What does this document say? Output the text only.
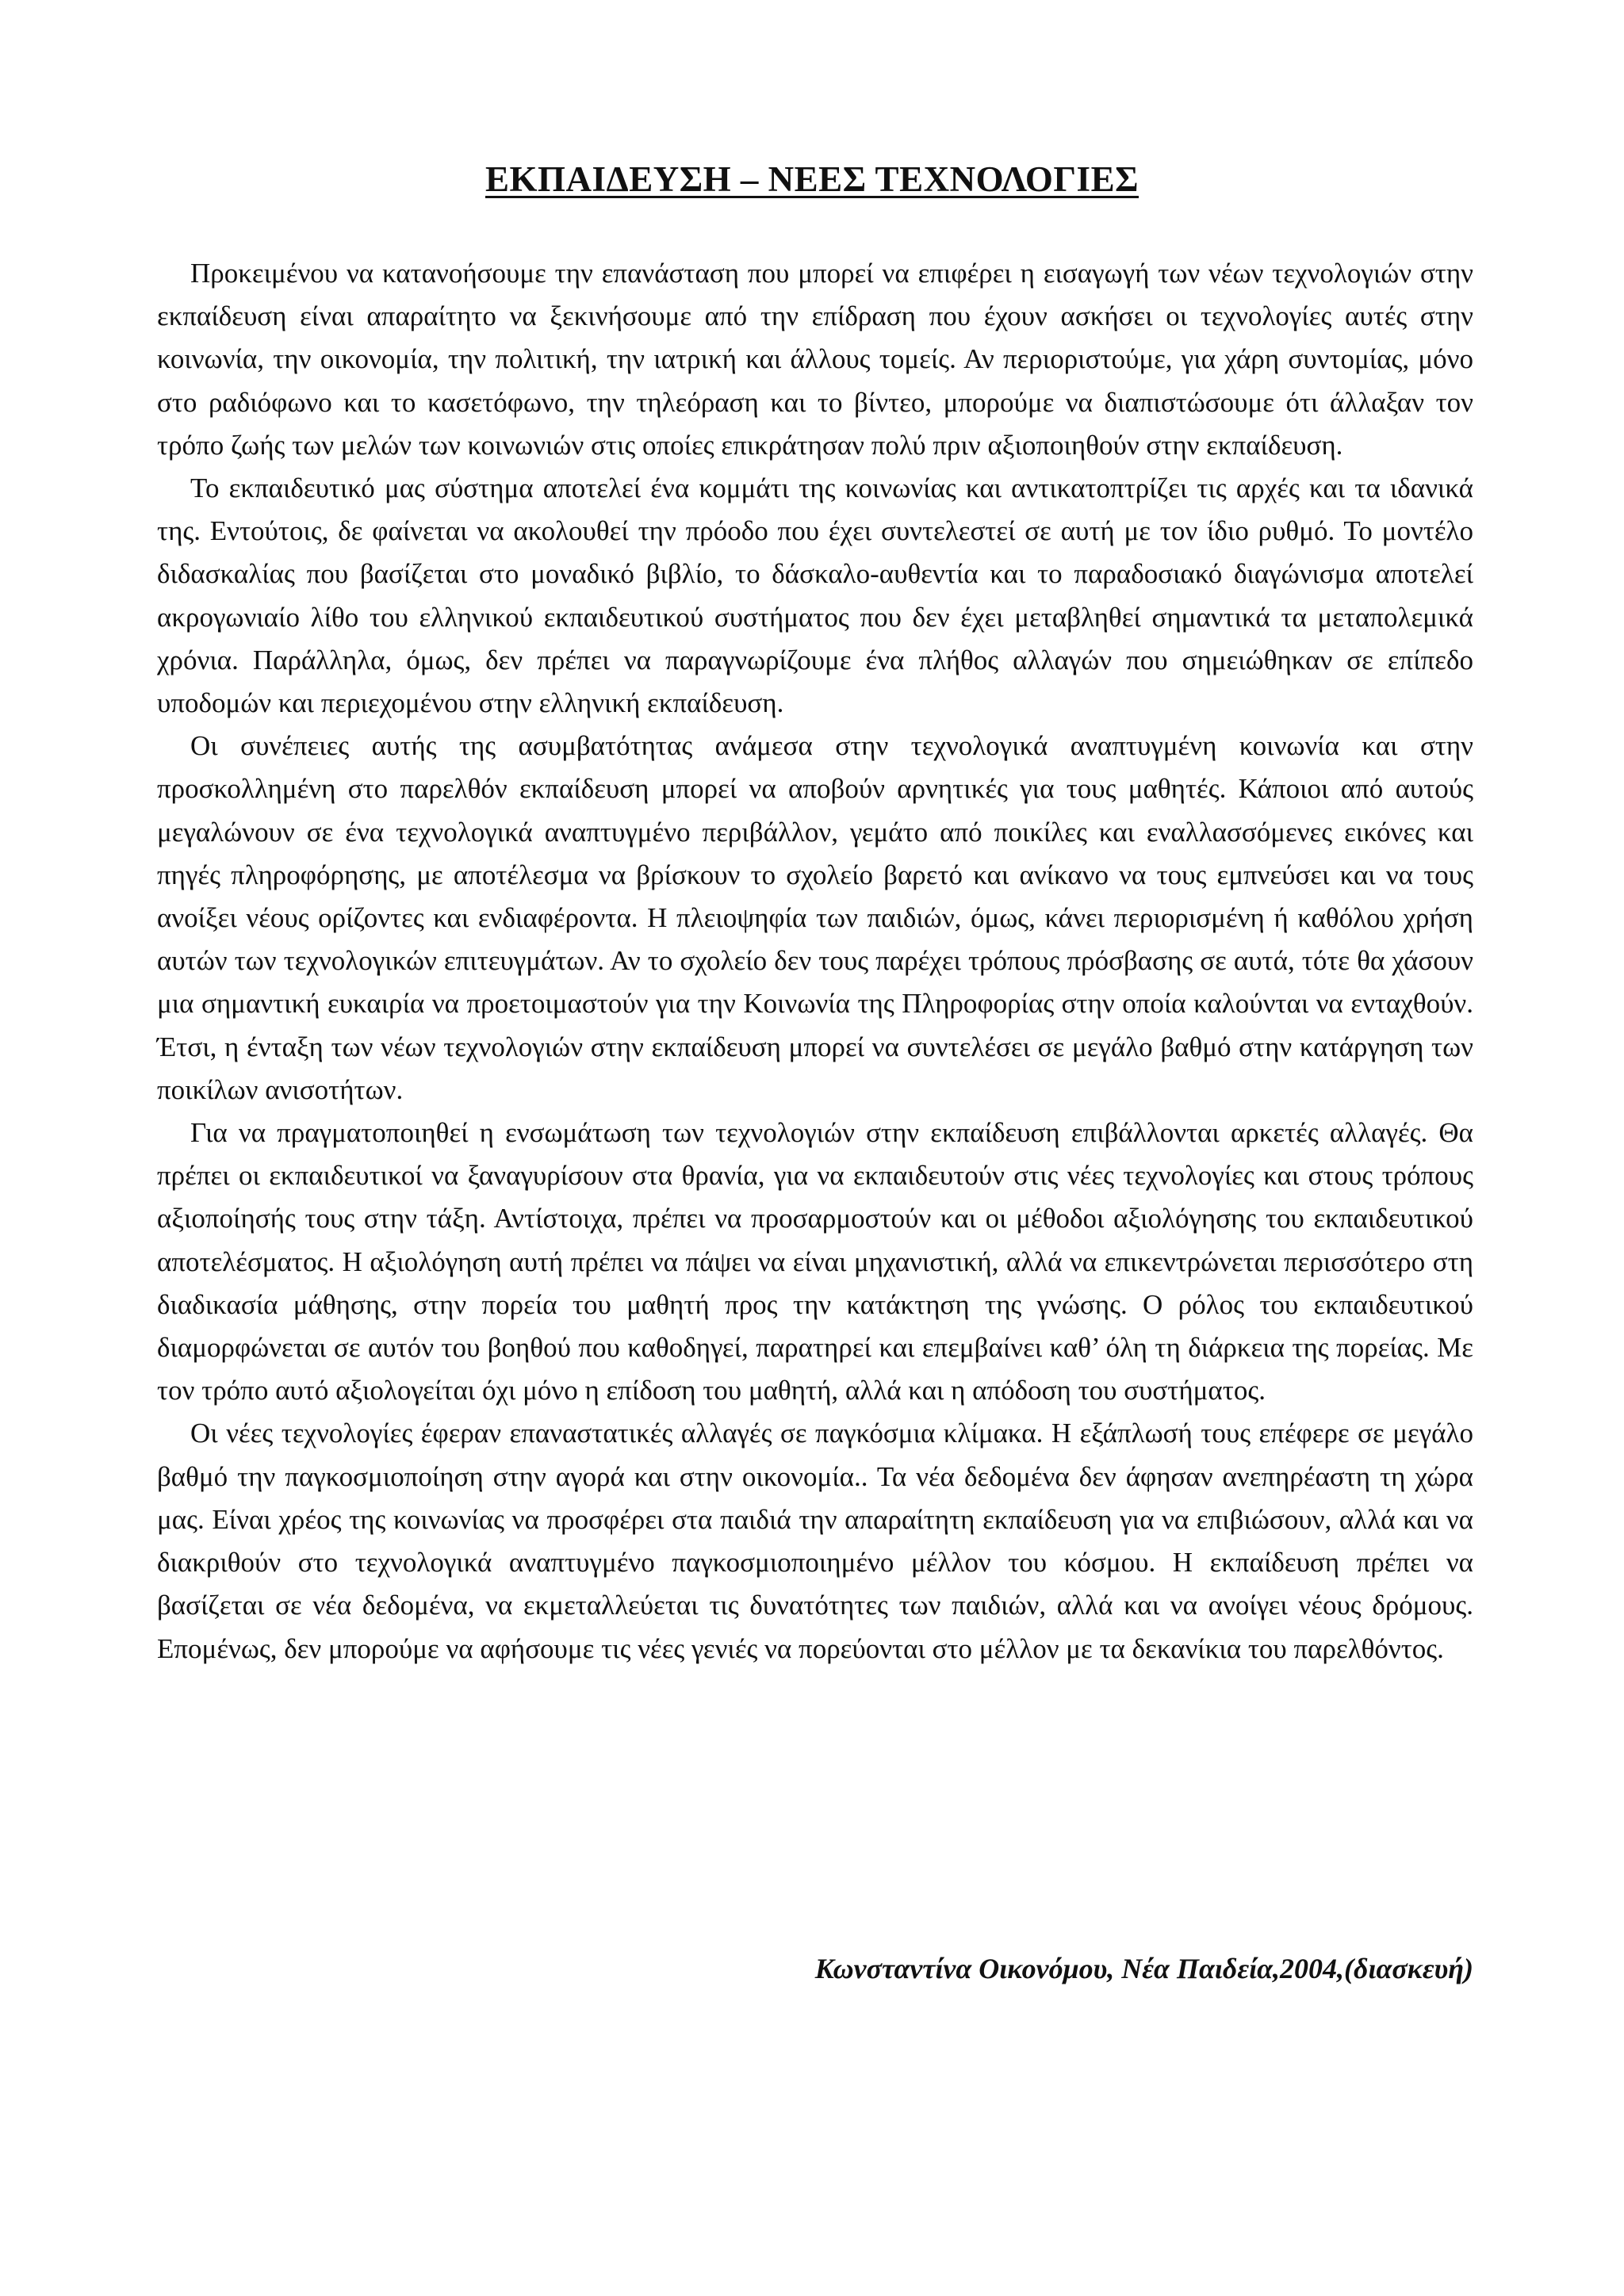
ΕΚΠΑΙΔΕΥΣΗ – ΝΕΕΣ ΤΕΧΝΟΛΟΓΙΕΣ

Προκειμένου να κατανοήσουμε την επανάσταση που μπορεί να επιφέρει η εισαγωγή των νέων τεχνολογιών στην εκπαίδευση είναι απαραίτητο να ξεκινήσουμε από την επίδραση που έχουν ασκήσει οι τεχνολογίες αυτές στην κοινωνία, την οικονομία, την πολιτική, την ιατρική και άλλους τομείς. Αν περιοριστούμε, για χάρη συντομίας, μόνο στο ραδιόφωνο και το κασετόφωνο, την τηλεόραση και το βίντεο, μπορούμε να διαπιστώσουμε ότι άλλαξαν τον τρόπο ζωής των μελών των κοινωνιών στις οποίες επικράτησαν πολύ πριν αξιοποιηθούν στην εκπαίδευση.

Το εκπαιδευτικό μας σύστημα αποτελεί ένα κομμάτι της κοινωνίας και αντικατοπτρίζει τις αρχές και τα ιδανικά της. Εντούτοις, δε φαίνεται να ακολουθεί την πρόοδο που έχει συντελεστεί σε αυτή με τον ίδιο ρυθμό. Το μοντέλο διδασκαλίας που βασίζεται στο μοναδικό βιβλίο, το δάσκαλο-αυθεντία και το παραδοσιακό διαγώνισμα αποτελεί ακρογωνιαίο λίθο του ελληνικού εκπαιδευτικού συστήματος που δεν έχει μεταβληθεί σημαντικά τα μεταπολεμικά χρόνια. Παράλληλα, όμως, δεν πρέπει να παραγνωρίζουμε ένα πλήθος αλλαγών που σημειώθηκαν σε επίπεδο υποδομών και περιεχομένου στην ελληνική εκπαίδευση.

Οι συνέπειες αυτής της ασυμβατότητας ανάμεσα στην τεχνολογικά αναπτυγμένη κοινωνία και στην προσκολλημένη στο παρελθόν εκπαίδευση μπορεί να αποβούν αρνητικές για τους μαθητές. Κάποιοι από αυτούς μεγαλώνουν σε ένα τεχνολογικά αναπτυγμένο περιβάλλον, γεμάτο από ποικίλες και εναλλασσόμενες εικόνες και πηγές πληροφόρησης, με αποτέλεσμα να βρίσκουν το σχολείο βαρετό και ανίκανο να τους εμπνεύσει και να τους ανοίξει νέους ορίζοντες και ενδιαφέροντα. Η πλειοψηφία των παιδιών, όμως, κάνει περιορισμένη ή καθόλου χρήση αυτών των τεχνολογικών επιτευγμάτων. Αν το σχολείο δεν τους παρέχει τρόπους πρόσβασης σε αυτά, τότε θα χάσουν μια σημαντική ευκαιρία να προετοιμαστούν για την Κοινωνία της Πληροφορίας στην οποία καλούνται να ενταχθούν. Έτσι, η ένταξη των νέων τεχνολογιών στην εκπαίδευση μπορεί να συντελέσει σε μεγάλο βαθμό στην κατάργηση των ποικίλων ανισοτήτων.

Για να πραγματοποιηθεί η ενσωμάτωση των τεχνολογιών στην εκπαίδευση επιβάλλονται αρκετές αλλαγές. Θα πρέπει οι εκπαιδευτικοί να ξαναγυρίσουν στα θρανία, για να εκπαιδευτούν στις νέες τεχνολογίες και στους τρόπους αξιοποίησής τους στην τάξη. Αντίστοιχα, πρέπει να προσαρμοστούν και οι μέθοδοι αξιολόγησης του εκπαιδευτικού αποτελέσματος. Η αξιολόγηση αυτή πρέπει να πάψει να είναι μηχανιστική, αλλά να επικεντρώνεται περισσότερο στη διαδικασία μάθησης, στην πορεία του μαθητή προς την κατάκτηση της γνώσης. Ο ρόλος του εκπαιδευτικού διαμορφώνεται σε αυτόν του βοηθού που καθοδηγεί, παρατηρεί και επεμβαίνει καθ’ όλη τη διάρκεια της πορείας. Με τον τρόπο αυτό αξιολογείται όχι μόνο η επίδοση του μαθητή, αλλά και η απόδοση του συστήματος.

Οι νέες τεχνολογίες έφεραν επαναστατικές αλλαγές σε παγκόσμια κλίμακα. Η εξάπλωσή τους επέφερε σε μεγάλο βαθμό την παγκοσμιοποίηση στην αγορά και στην οικονομία.. Τα νέα δεδομένα δεν άφησαν ανεπηρέαστη τη χώρα μας. Είναι χρέος της κοινωνίας να προσφέρει στα παιδιά την απαραίτητη εκπαίδευση για να επιβιώσουν, αλλά και να διακριθούν στο τεχνολογικά αναπτυγμένο παγκοσμιοποιημένο μέλλον του κόσμου. Η εκπαίδευση πρέπει να βασίζεται σε νέα δεδομένα, να εκμεταλλεύεται τις δυνατότητες των παιδιών, αλλά και να ανοίγει νέους δρόμους. Επομένως, δεν μπορούμε να αφήσουμε τις νέες γενιές να πορεύονται στο μέλλον με τα δεκανίκια του παρελθόντος.

Κωνσταντίνα Οικονόμου, Νέα Παιδεία,2004,(διασκευή)
